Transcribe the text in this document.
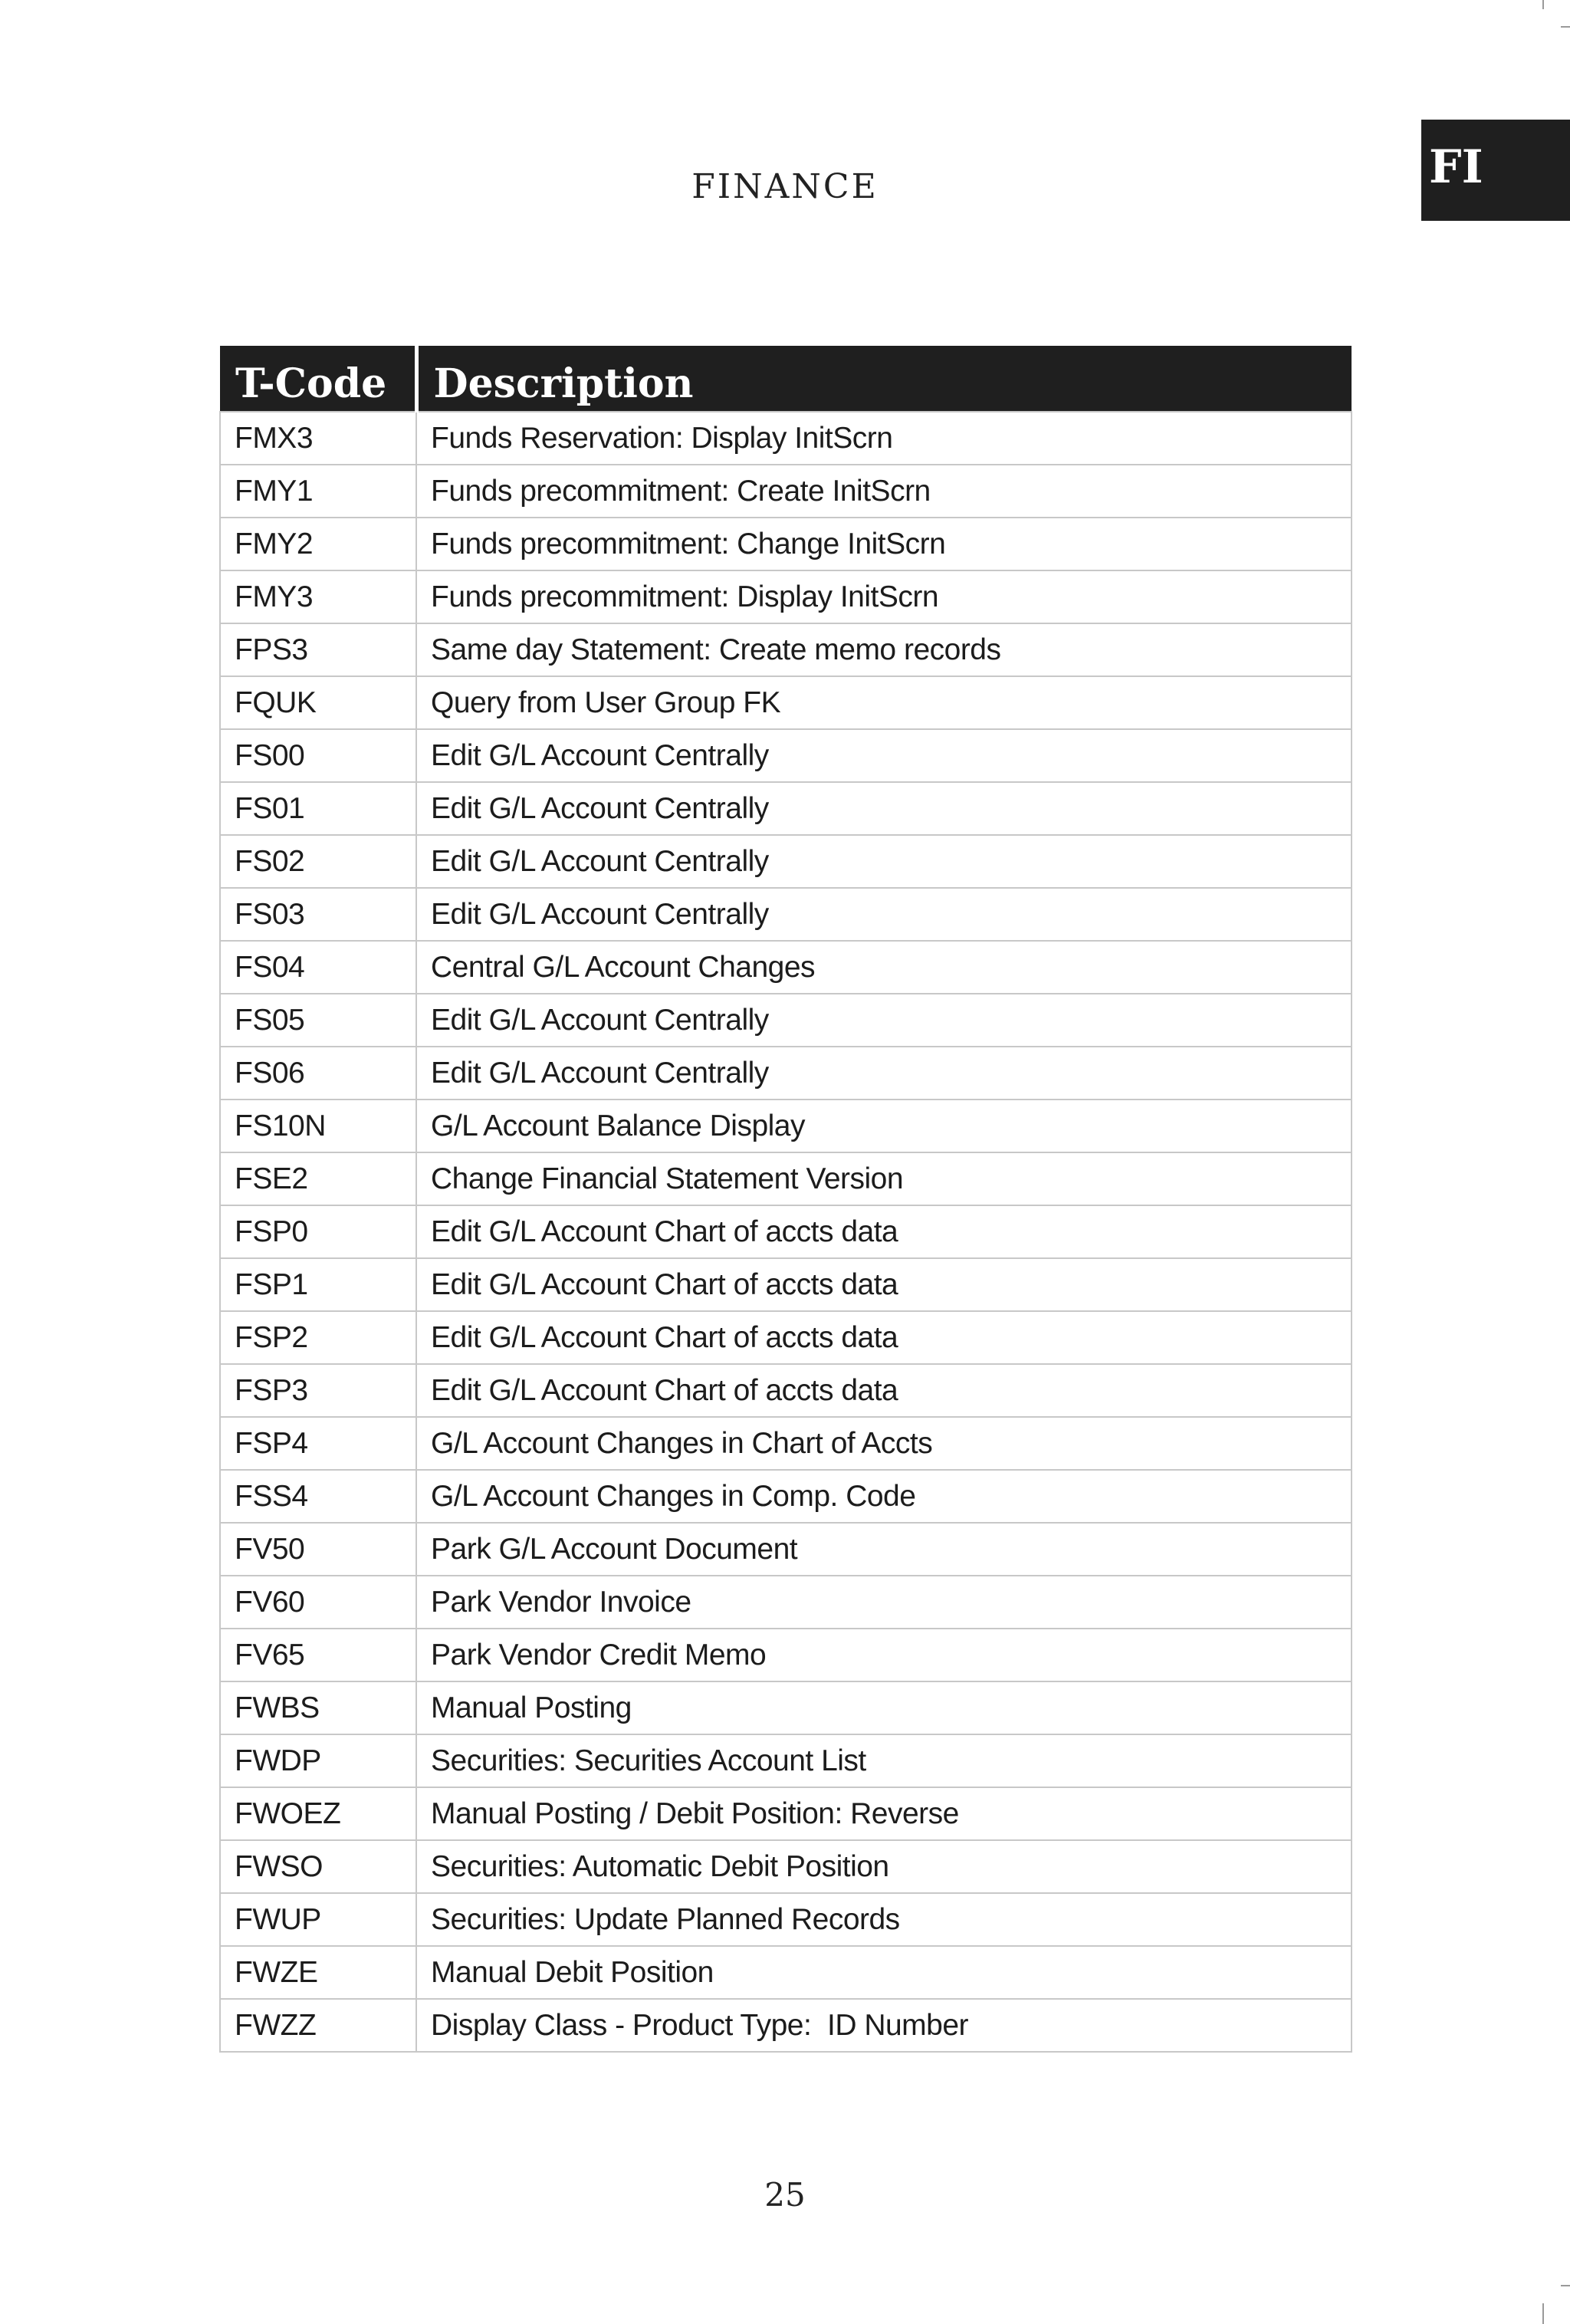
FINANCE	FI
T-Code	Description
FMX3	Funds Reservation: Display InitScrn
FMY1	Funds precommitment: Create InitScrn
FMY2	Funds precommitment: Change InitScrn
FMY3	Funds precommitment: Display InitScrn
FPS3	Same day Statement: Create memo records
FQUK	Query from User Group FK
FS00	Edit G/L Account Centrally
FS01	Edit G/L Account Centrally
FS02	Edit G/L Account Centrally
FS03	Edit G/L Account Centrally
FS04	Central G/L Account Changes
FS05	Edit G/L Account Centrally
FS06	Edit G/L Account Centrally
FS10N	G/L Account Balance Display
FSE2	Change Financial Statement Version
FSP0	Edit G/L Account Chart of accts data
FSP1	Edit G/L Account Chart of accts data
FSP2	Edit G/L Account Chart of accts data
FSP3	Edit G/L Account Chart of accts data
FSP4	G/L Account Changes in Chart of Accts
FSS4	G/L Account Changes in Comp. Code
FV50	Park G/L Account Document
FV60	Park Vendor Invoice
FV65	Park Vendor Credit Memo
FWBS	Manual Posting
FWDP	Securities: Securities Account List
FWOEZ	Manual Posting / Debit Position: Reverse
FWSO	Securities: Automatic Debit Position
FWUP	Securities: Update Planned Records
FWZE	Manual Debit Position
FWZZ	Display Class - Product Type:  ID Number
25
